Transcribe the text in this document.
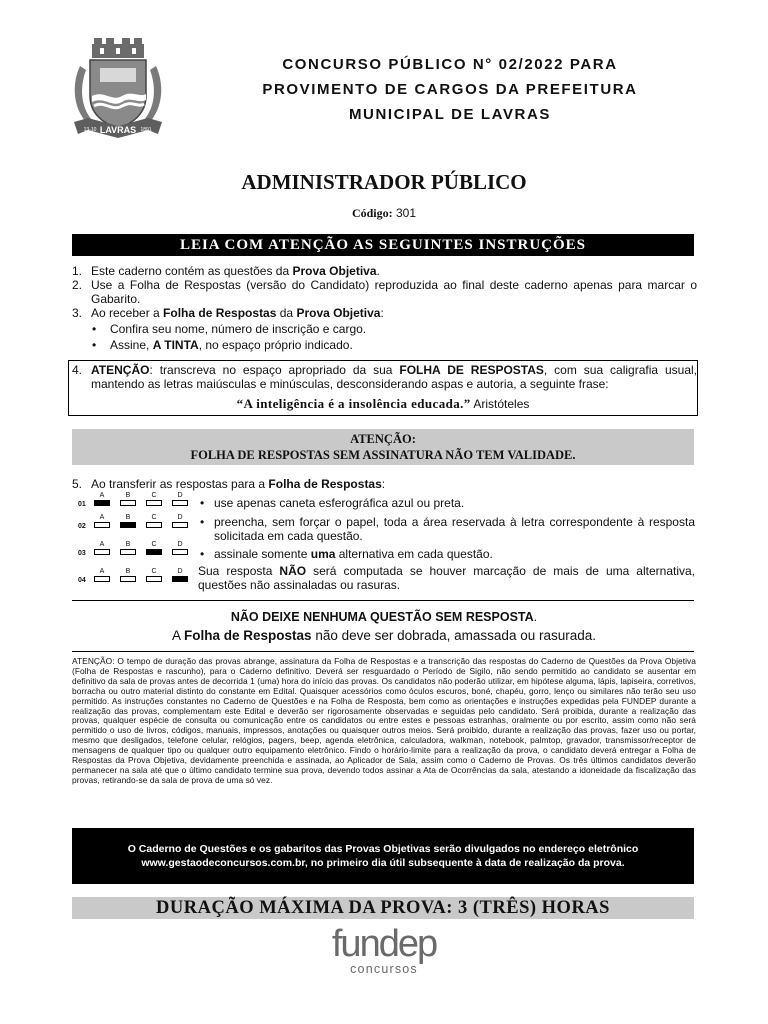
LAVRAS
13-10	1891
CONCURSO PÚBLICO N° 02/2022 PARA
PROVIMENTO DE CARGOS DA PREFEITURA
MUNICIPAL DE LAVRAS
ADMINISTRADOR PÚBLICO
Código: 301
LEIA COM ATENÇÃO AS SEGUINTES INSTRUÇÕES
1. Este caderno contém as questões da Prova Objetiva.
2. Use a Folha de Respostas (versão do Candidato) reproduzida ao final deste caderno apenas para marcar o Gabarito.
3. Ao receber a Folha de Respostas da Prova Objetiva:
• Confira seu nome, número de inscrição e cargo.
• Assine, A TINTA, no espaço próprio indicado.
4. ATENÇÃO: transcreva no espaço apropriado da sua FOLHA DE RESPOSTAS, com sua caligrafia usual, mantendo as letras maiúsculas e minúsculas, desconsiderando aspas e autoria, a seguinte frase:
“A inteligência é a insolência educada.” Aristóteles
ATENÇÃO:
FOLHA DE RESPOSTAS SEM ASSINATURA NÃO TEM VALIDADE.
5. Ao transferir as respostas para a Folha de Respostas:
01
A	B	C	D
02
A	B	C	D
03
A	B	C	D
04
A	B	C	D
• use apenas caneta esferográfica azul ou preta.
• preencha, sem forçar o papel, toda a área reservada à letra correspondente à resposta solicitada em cada questão.
• assinale somente uma alternativa em cada questão.
Sua resposta NÃO será computada se houver marcação de mais de uma alternativa, questões não assinaladas ou rasuras.
NÃO DEIXE NENHUMA QUESTÃO SEM RESPOSTA.
A Folha de Respostas não deve ser dobrada, amassada ou rasurada.
ATENÇÃO: O tempo de duração das provas abrange, assinatura da Folha de Respostas e a transcrição das respostas do Caderno de Questões da Prova Objetiva (Folha de Respostas e rascunho), para o Caderno definitivo. Deverá ser resguardado o Período de Sigilo, não sendo permitido ao candidato se ausentar em definitivo da sala de provas antes de decorrida 1 (uma) hora do início das provas. Os candidatos não poderão utilizar, em hipótese alguma, lápis, lapiseira, corretivos, borracha ou outro material distinto do constante em Edital. Quaisquer acessórios como óculos escuros, boné, chapéu, gorro, lenço ou similares não terão seu uso permitido. As instruções constantes no Caderno de Questões e na Folha de Resposta, bem como as orientações e instruções expedidas pela FUNDEP durante a realização das provas, complementam este Edital e deverão ser rigorosamente observadas e seguidas pelo candidato. Será proibida, durante a realização das provas, qualquer espécie de consulta ou comunicação entre os candidatos ou entre estes e pessoas estranhas, oralmente ou por escrito, assim como não será permitido o uso de livros, códigos, manuais, impressos, anotações ou quaisquer outros meios. Será proibido, durante a realização das provas, fazer uso ou portar, mesmo que desligados, telefone celular, relógios, pagers, beep, agenda eletrônica, calculadora, walkman, notebook, palmtop, gravador, transmissor/receptor de mensagens de qualquer tipo ou qualquer outro equipamento eletrônico. Findo o horário-limite para a realização da prova, o candidato deverá entregar a Folha de Respostas da Prova Objetiva, devidamente preenchida e assinada, ao Aplicador de Sala, assim como o Caderno de Provas. Os três últimos candidatos deverão permanecer na sala até que o último candidato termine sua prova, devendo todos assinar a Ata de Ocorrências da sala, atestando a idoneidade da fiscalização das provas, retirando-se da sala de prova de uma só vez.
O Caderno de Questões e os gabaritos das Provas Objetivas serão divulgados no endereço eletrônico
www.gestaodeconcursos.com.br, no primeiro dia útil subsequente à data de realização da prova.
DURAÇÃO MÁXIMA DA PROVA: 3 (TRÊS) HORAS
fundep
concursos
